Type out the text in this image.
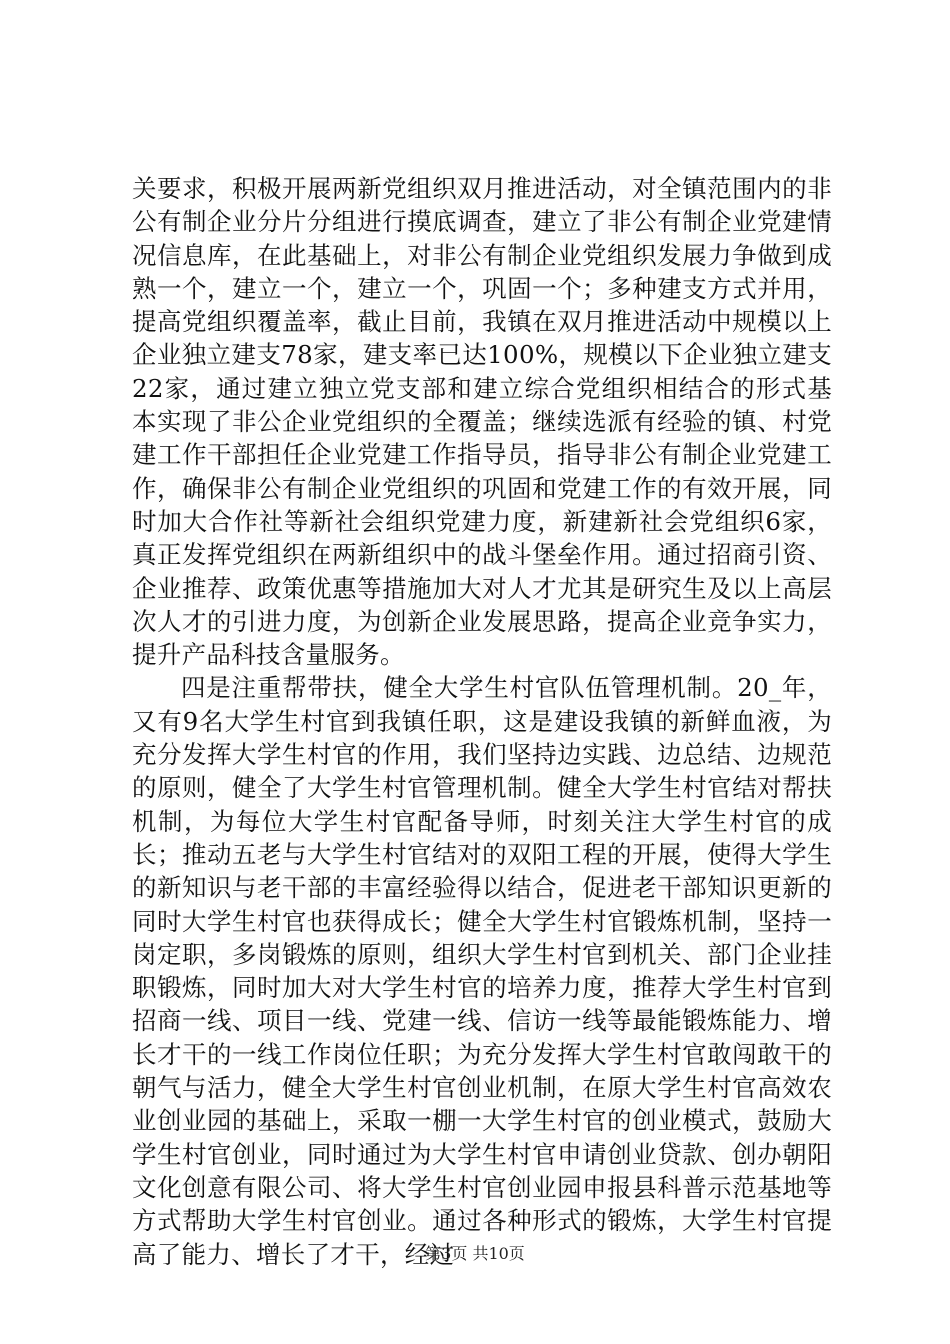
关要求，积极开展两新党组织双月推进活动，对全镇范围内的非公有制企业分片分组进行摸底调查，建立了非公有制企业党建情况信息库，在此基础上，对非公有制企业党组织发展力争做到成熟一个，建立一个，建立一个，巩固一个；多种建支方式并用，提高党组织覆盖率，截止目前，我镇在双月推进活动中规模以上企业独立建支78家，建支率已达100%，规模以下企业独立建支22家，通过建立独立党支部和建立综合党组织相结合的形式基本实现了非公企业党组织的全覆盖；继续选派有经验的镇、村党建工作干部担任企业党建工作指导员，指导非公有制企业党建工作，确保非公有制企业党组织的巩固和党建工作的有效开展，同时加大合作社等新社会组织党建力度，新建新社会党组织6家，真正发挥党组织在两新组织中的战斗堡垒作用。通过招商引资、企业推荐、政策优惠等措施加大对人才尤其是研究生及以上高层次人才的引进力度，为创新企业发展思路，提高企业竞争实力，提升产品科技含量服务。

四是注重帮带扶，健全大学生村官队伍管理机制。20_年，又有9名大学生村官到我镇任职，这是建设我镇的新鲜血液，为充分发挥大学生村官的作用，我们坚持边实践、边总结、边规范的原则，健全了大学生村官管理机制。健全大学生村官结对帮扶机制，为每位大学生村官配备导师，时刻关注大学生村官的成长；推动五老与大学生村官结对的双阳工程的开展，使得大学生的新知识与老干部的丰富经验得以结合，促进老干部知识更新的同时大学生村官也获得成长；健全大学生村官锻炼机制，坚持一岗定职，多岗锻炼的原则，组织大学生村官到机关、部门企业挂职锻炼，同时加大对大学生村官的培养力度，推荐大学生村官到招商一线、项目一线、党建一线、信访一线等最能锻炼能力、增长才干的一线工作岗位任职；为充分发挥大学生村官敢闯敢干的朝气与活力，健全大学生村官创业机制，在原大学生村官高效农业创业园的基础上，采取一棚一大学生村官的创业模式，鼓励大学生村官创业，同时通过为大学生村官申请创业贷款、创办朝阳文化创意有限公司、将大学生村官创业园申报县科普示范基地等方式帮助大学生村官创业。通过各种形式的锻炼，大学生村官提高了能力、增长了才干，经过

第3页 共10页
